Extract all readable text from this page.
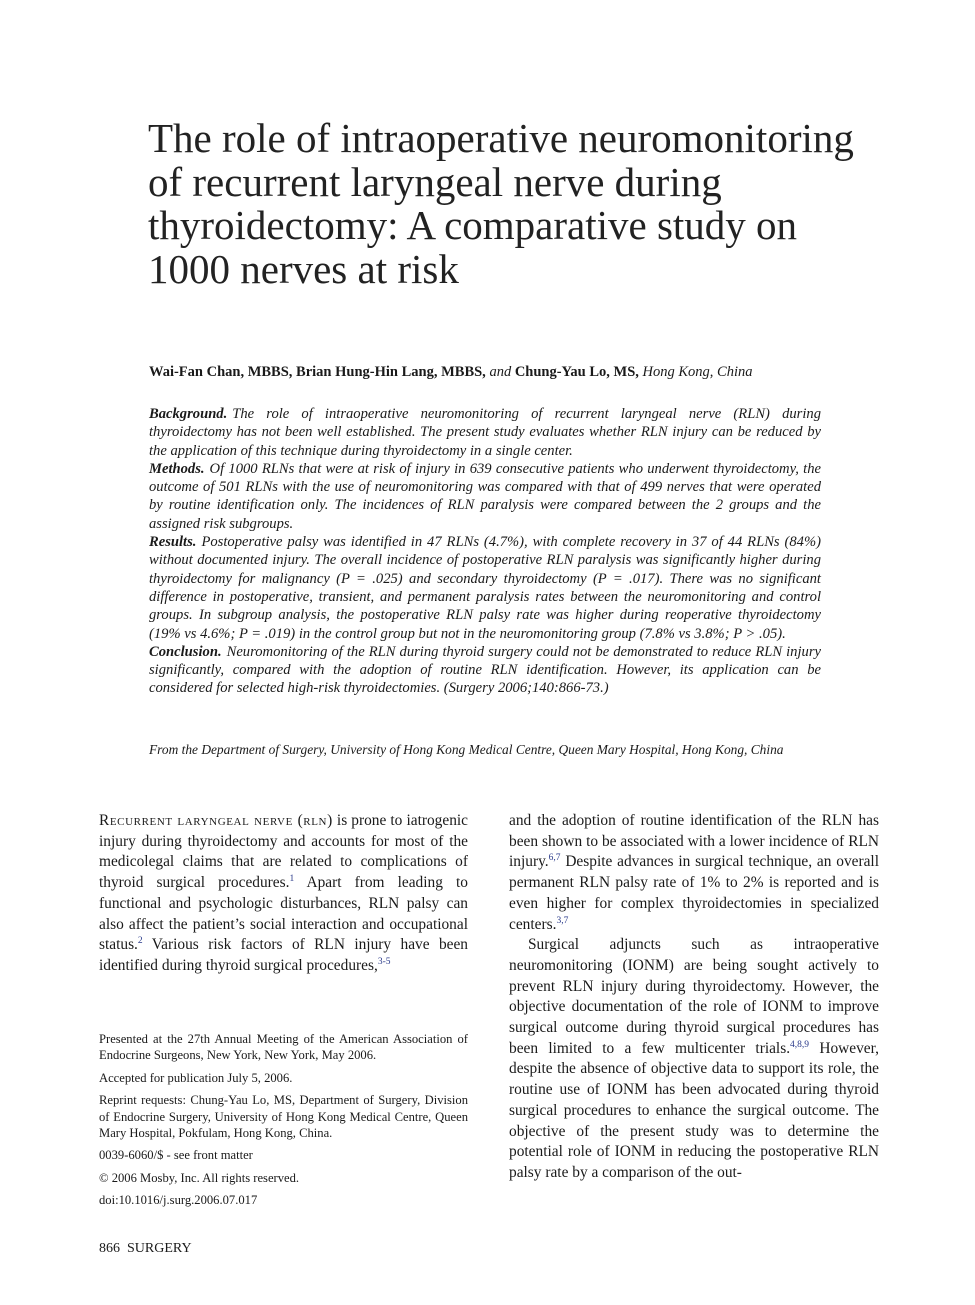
The role of intraoperative neuromonitoring of recurrent laryngeal nerve during thyroidectomy: A comparative study on 1000 nerves at risk
Wai-Fan Chan, MBBS, Brian Hung-Hin Lang, MBBS, and Chung-Yau Lo, MS, Hong Kong, China

Background. The role of intraoperative neuromonitoring of recurrent laryngeal nerve (RLN) during thyroidectomy has not been well established. The present study evaluates whether RLN injury can be reduced by the application of this technique during thyroidectomy in a single center.

Methods. Of 1000 RLNs that were at risk of injury in 639 consecutive patients who underwent thyroidectomy, the outcome of 501 RLNs with the use of neuromonitoring was compared with that of 499 nerves that were operated by routine identification only. The incidences of RLN paralysis were compared between the 2 groups and the assigned risk subgroups.

Results. Postoperative palsy was identified in 47 RLNs (4.7%), with complete recovery in 37 of 44 RLNs (84%) without documented injury. The overall incidence of postoperative RLN paralysis was significantly higher during thyroidectomy for malignancy (P = .025) and secondary thyroidectomy (P = .017). There was no significant difference in postoperative, transient, and permanent paralysis rates between the neuromonitoring and control groups. In subgroup analysis, the postoperative RLN palsy rate was higher during reoperative thyroidectomy (19% vs 4.6%; P = .019) in the control group but not in the neuromonitoring group (7.8% vs 3.8%; P > .05).

Conclusion. Neuromonitoring of the RLN during thyroid surgery could not be demonstrated to reduce RLN injury significantly, compared with the adoption of routine RLN identification. However, its application can be considered for selected high-risk thyroidectomies. (Surgery 2006;140:866-73.)

From the Department of Surgery, University of Hong Kong Medical Centre, Queen Mary Hospital, Hong Kong, China

Recurrent laryngeal nerve (rln) is prone to iatrogenic injury during thyroidectomy and accounts for most of the medicolegal claims that are related to complications of thyroid surgical procedures.$^1$ Apart from leading to functional and psychologic disturbances, RLN palsy can also affect the patient’s social interaction and occupational status.$^2$ Various risk factors of RLN injury have been identified during thyroid surgical procedures,$^{3-5}$

Presented at the 27th Annual Meeting of the American Association of Endocrine Surgeons, New York, New York, May 2006.

Accepted for publication July 5, 2006.

Reprint requests: Chung-Yau Lo, MS, Department of Surgery, Division of Endocrine Surgery, University of Hong Kong Medical Centre, Queen Mary Hospital, Pokfulam, Hong Kong, China.

0039-6060/$ - see front matter

© 2006 Mosby, Inc. All rights reserved.

doi:10.1016/j.surg.2006.07.017

and the adoption of routine identification of the RLN has been shown to be associated with a lower incidence of RLN injury.$^{6,7}$ Despite advances in surgical technique, an overall permanent RLN palsy rate of 1% to 2% is reported and is even higher for complex thyroidectomies in specialized centers.$^{3,7}$

Surgical adjuncts such as intraoperative neuromonitoring (IONM) are being sought actively to prevent RLN injury during thyroidectomy. However, the objective documentation of the role of IONM to improve surgical outcome during thyroid surgical procedures has been limited to a few multicenter trials.$^{4,8,9}$ However, despite the absence of objective data to support its role, the routine use of IONM has been advocated during thyroid surgical procedures to enhance the surgical outcome. The objective of the present study was to determine the potential role of IONM in reducing the postoperative RLN palsy rate by a comparison of the out-

866 SURGERY
